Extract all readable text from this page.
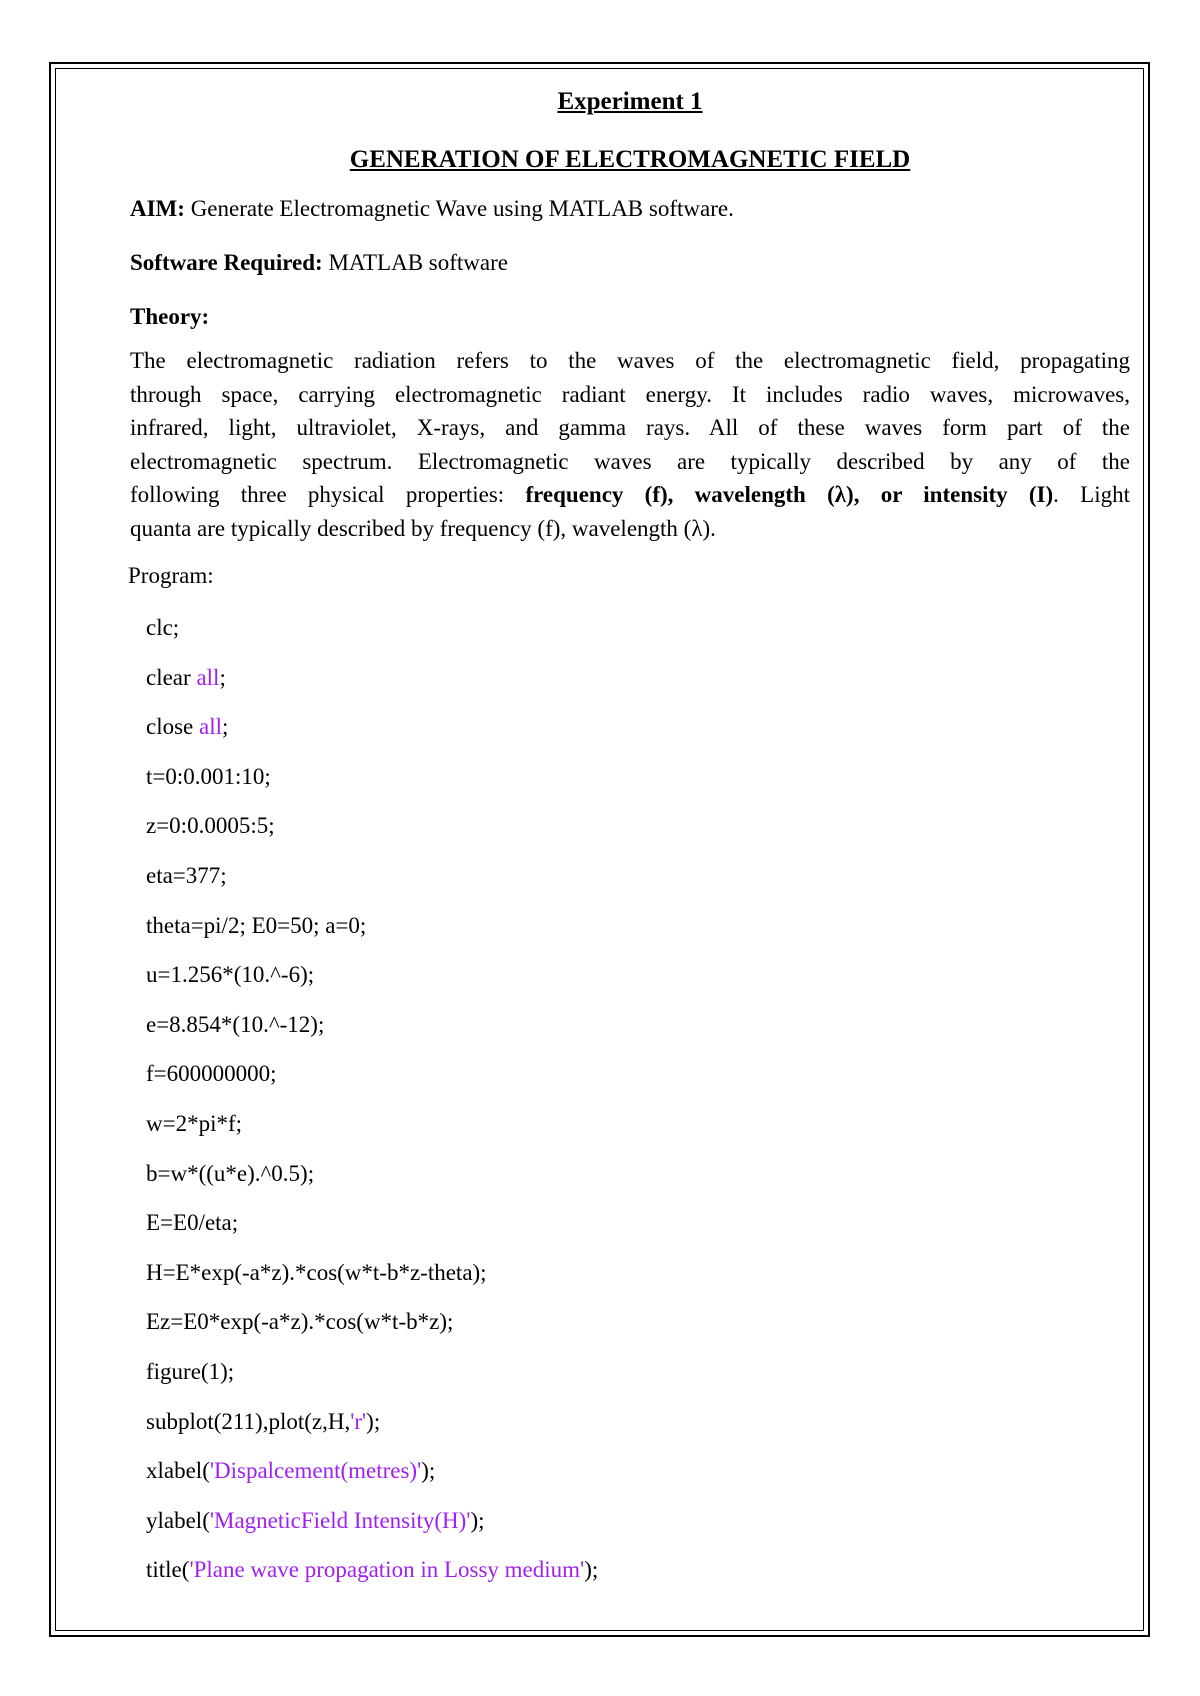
Experiment 1
GENERATION OF ELECTROMAGNETIC FIELD
AIM: Generate Electromagnetic Wave using MATLAB software.
Software Required: MATLAB software
Theory:
The electromagnetic radiation refers to the waves of the electromagnetic field, propagating
through space, carrying electromagnetic radiant energy. It includes radio waves, microwaves,
infrared, light, ultraviolet, X-rays, and gamma rays. All of these waves form part of the
electromagnetic spectrum. Electromagnetic waves are typically described by any of the
following three physical properties: frequency (f), wavelength (λ), or intensity (I). Light
quanta are typically described by frequency (f), wavelength (λ).
Program:
clc;
clear all;
close all;
t=0:0.001:10;
z=0:0.0005:5;
eta=377;
theta=pi/2; E0=50; a=0;
u=1.256*(10.^-6);
e=8.854*(10.^-12);
f=600000000;
w=2*pi*f;
b=w*((u*e).^0.5);
E=E0/eta;
H=E*exp(-a*z).*cos(w*t-b*z-theta);
Ez=E0*exp(-a*z).*cos(w*t-b*z);
figure(1);
subplot(211),plot(z,H,'r');
xlabel('Dispalcement(metres)');
ylabel('MagneticField Intensity(H)');
title('Plane wave propagation in Lossy medium');
